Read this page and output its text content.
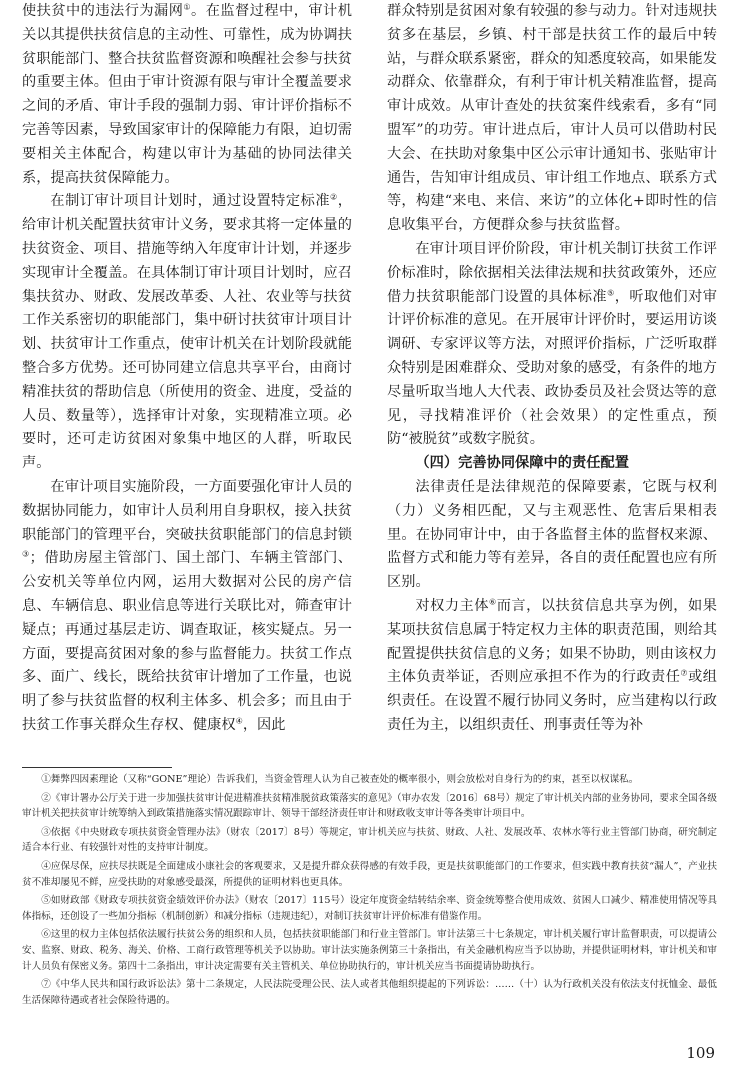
使扶贫中的违法行为漏网①。在监督过程中，审计机关以其提供扶贫信息的主动性、可靠性，成为协调扶贫职能部门、整合扶贫监督资源和唤醒社会参与扶贫的重要主体。但由于审计资源有限与审计全覆盖要求之间的矛盾、审计手段的强制力弱、审计评价指标不完善等因素，导致国家审计的保障能力有限，迫切需要相关主体配合，构建以审计为基础的协同法律关系，提高扶贫保障能力。

在制订审计项目计划时，通过设置特定标准②，给审计机关配置扶贫审计义务，要求其将一定体量的扶贫资金、项目、措施等纳入年度审计计划，并逐步实现审计全覆盖。在具体制订审计项目计划时，应召集扶贫办、财政、发展改革委、人社、农业等与扶贫工作关系密切的职能部门，集中研讨扶贫审计项目计划、扶贫审计工作重点，使审计机关在计划阶段就能整合多方优势。还可协同建立信息共享平台，由商讨精准扶贫的帮助信息（所使用的资金、进度，受益的人员、数量等），选择审计对象，实现精准立项。必要时，还可走访贫困对象集中地区的人群，听取民声。

在审计项目实施阶段，一方面要强化审计人员的数据协同能力，如审计人员利用自身职权，接入扶贫职能部门的管理平台，突破扶贫职能部门的信息封锁③；借助房屋主管部门、国土部门、车辆主管部门、公安机关等单位内网，运用大数据对公民的房产信息、车辆信息、职业信息等进行关联比对，筛查审计疑点；再通过基层走访、调查取证，核实疑点。另一方面，要提高贫困对象的参与监督能力。扶贫工作点多、面广、线长，既给扶贫审计增加了工作量，也说明了参与扶贫监督的权利主体多、机会多；而且由于扶贫工作事关群众生存权、健康权④，因此

群众特别是贫困对象有较强的参与动力。针对违规扶贫多在基层，乡镇、村干部是扶贫工作的最后中转站，与群众联系紧密，群众的知悉度较高，如果能发动群众、依靠群众，有利于审计机关精准监督，提高审计成效。从审计查处的扶贫案件线索看，多有“同盟军”的功劳。审计进点后，审计人员可以借助村民大会、在扶助对象集中区公示审计通知书、张贴审计通告，告知审计组成员、审计组工作地点、联系方式等，构建“来电、来信、来访”的立体化+即时性的信息收集平台，方便群众参与扶贫监督。

在审计项目评价阶段，审计机关制订扶贫工作评价标准时，除依据相关法律法规和扶贫政策外，还应借力扶贫职能部门设置的具体标准⑤，听取他们对审计评价标准的意见。在开展审计评价时，要运用访谈调研、专家评议等方法，对照评价指标，广泛听取群众特别是困难群众、受助对象的感受，有条件的地方尽量听取当地人大代表、政协委员及社会贤达等的意见，寻找精准评价（社会效果）的定性重点，预防“被脱贫”或数字脱贫。

（四）完善协同保障中的责任配置

法律责任是法律规范的保障要素，它既与权利（力）义务相匹配，又与主观恶性、危害后果相表里。在协同审计中，由于各监督主体的监督权来源、监督方式和能力等有差异，各自的责任配置也应有所区别。

对权力主体⑥而言，以扶贫信息共享为例，如果某项扶贫信息属于特定权力主体的职责范围，则给其配置提供扶贫信息的义务；如果不协助，则由该权力主体负责举证，否则应承担不作为的行政责任⑦或组织责任。在设置不履行协同义务时，应当建构以行政责任为主，以组织责任、刑事责任等为补

①舞弊四因素理论（又称“GONE”理论）告诉我们，当资金管理人认为自己被查处的概率很小，则会放松对自身行为的约束，甚至以权谋私。

②《审计署办公厅关于进一步加强扶贫审计促进精准扶贫精准脱贫政策落实的意见》（审办农发〔2016〕68号）规定了审计机关内部的业务协同，要求全国各级审计机关把扶贫审计统筹纳入到政策措施落实情况跟踪审计、领导干部经济责任审计和财政收支审计等各类审计项目中。

③依据《中央财政专项扶贫资金管理办法》（财农〔2017〕8号）等规定，审计机关应与扶贫、财政、人社、发展改革、农林水等行业主管部门协商，研究制定适合本行业、有较强针对性的支持审计制度。

④应保尽保，应扶尽扶既是全面建成小康社会的客观要求，又是提升群众获得感的有效手段，更是扶贫职能部门的工作要求，但实践中教育扶贫“漏人”，产业扶贫不准却屡见不鲜，应受扶助的对象感受最深，所提供的证明材料也更具体。

⑤如财政部《财政专项扶贫资金绩效评价办法》（财农〔2017〕115号）设定年度资金结转结余率、资金统筹整合使用成效、贫困人口减少、精准使用情况等具体指标，还创设了一些加分指标（机制创新）和减分指标（违规违纪），对制订扶贫审计评价标准有借鉴作用。

⑥这里的权力主体包括依法履行扶贫公务的组织和人员，包括扶贫职能部门和行业主管部门。审计法第三十七条规定，审计机关履行审计监督职责，可以提请公安、监察、财政、税务、海关、价格、工商行政管理等机关予以协助。审计法实施条例第三十条指出，有关金融机构应当予以协助，并提供证明材料，审计机关和审计人员负有保密义务。第四十二条指出，审计决定需要有关主管机关、单位协助执行的，审计机关应当书面提请协助执行。

⑦《中华人民共和国行政诉讼法》第十二条规定，人民法院受理公民、法人或者其他组织提起的下列诉讼：……（十）认为行政机关没有依法支付抚恤金、最低生活保障待遇或者社会保险待遇的。

109
